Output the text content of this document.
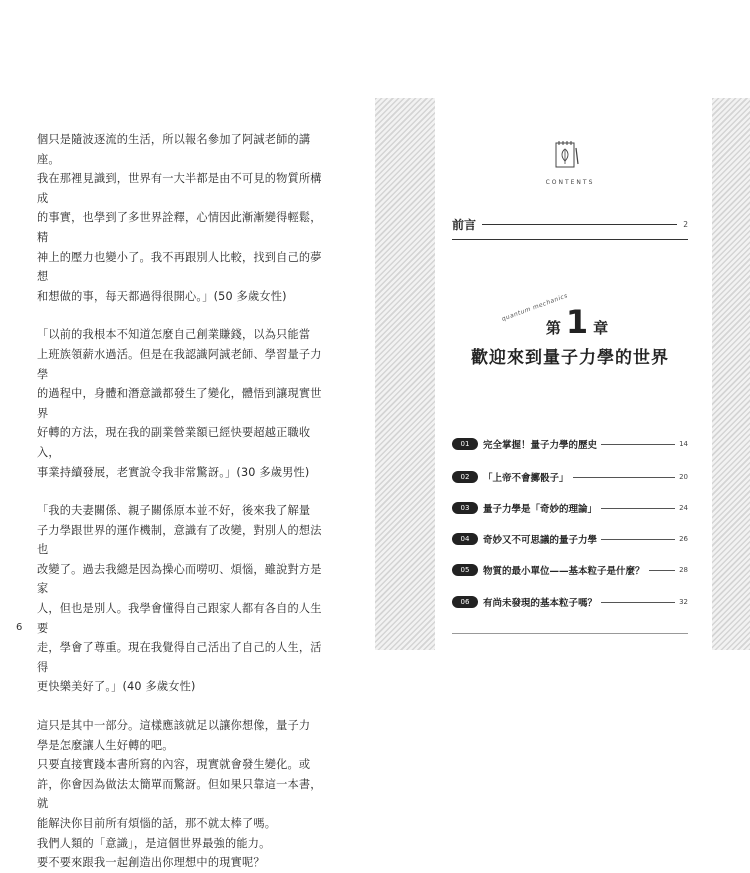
個只是隨波逐流的生活，所以報名參加了阿誠老師的講座。
我在那裡見識到，世界有一大半都是由不可見的物質所構成
的事實，也學到了多世界詮釋，心情因此漸漸變得輕鬆，精
神上的壓力也變小了。我不再跟別人比較，找到自己的夢想
和想做的事，每天都過得很開心。」(50 多歲女性)

「以前的我根本不知道怎麼自己創業賺錢，以為只能當
上班族領薪水過活。但是在我認識阿誠老師、學習量子力學
的過程中，身體和潛意識都發生了變化，體悟到讓現實世界
好轉的方法，現在我的副業營業額已經快要超越正職收入，
事業持續發展，老實說令我非常驚訝。」(30 多歲男性)

「我的夫妻關係、親子關係原本並不好，後來我了解量
子力學跟世界的運作機制，意識有了改變，對別人的想法也
改變了。過去我總是因為操心而嘮叨、煩惱，雖說對方是家
人，但也是別人。我學會懂得自己跟家人都有各自的人生要
走，學會了尊重。現在我覺得自己活出了自己的人生，活得
更快樂美好了。」(40 多歲女性)

這只是其中一部分。這樣應該就足以讓你想像，量子力
學是怎麼讓人生好轉的吧。
只要直接實踐本書所寫的內容，現實就會發生變化。或
許，你會因為做法太簡單而驚訝。但如果只靠這一本書，就
能解決你目前所有煩惱的話，那不就太棒了嗎。
我們人類的「意識」，是這個世界最強的能力。
要不要來跟我一起創造出你理想中的現實呢？

6
CONTENTS
前言	2
quantum mechanics
第 1 章
歡迎來到量子力學的世界
01	完全掌握！量子力學的歷史	14
02	「上帝不會擲骰子」	20
03	量子力學是「奇妙的理論」	24
04	奇妙又不可思議的量子力學	26
05	物質的最小單位——基本粒子是什麼？	28
06	有尚未發現的基本粒子嗎？	32
